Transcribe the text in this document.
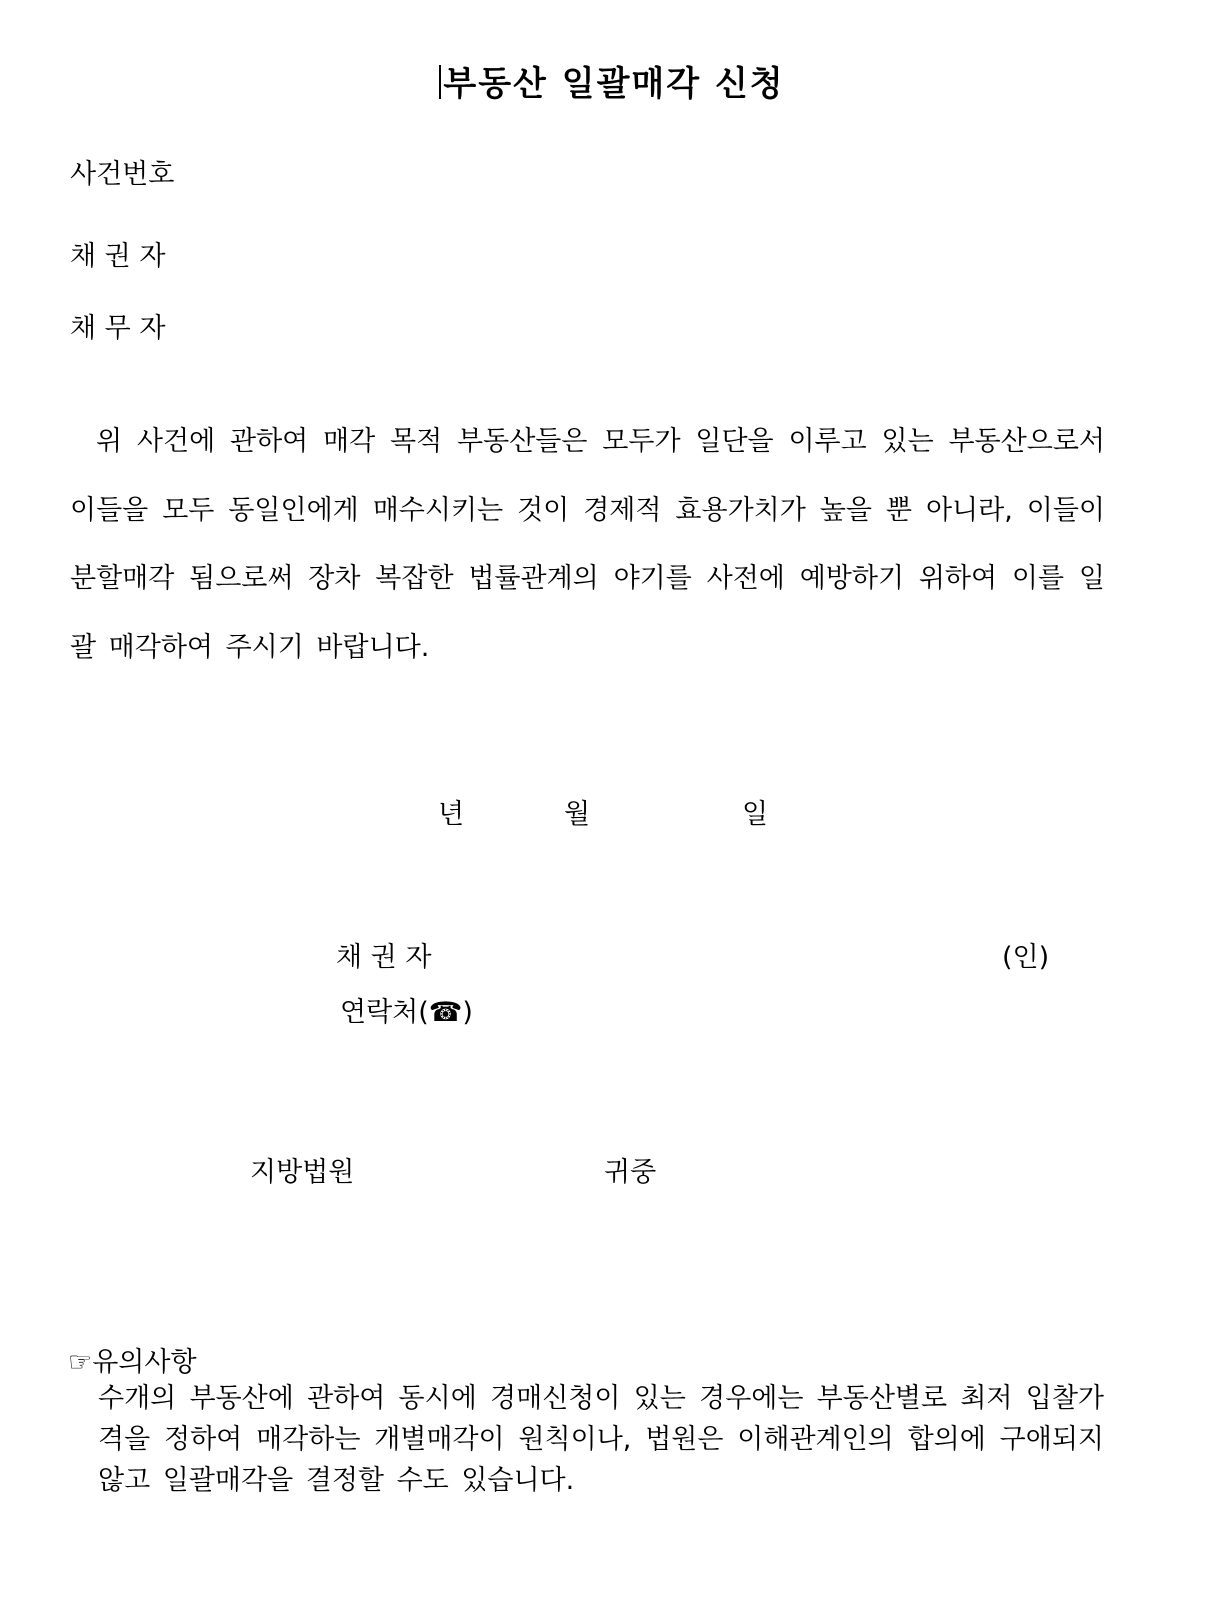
부동산 일괄매각 신청
사건번호
채 권 자
채 무 자
위 사건에 관하여 매각 목적 부동산들은 모두가 일단을 이루고 있는 부동산으로서 이들을 모두 동일인에게 매수시키는 것이 경제적 효용가치가 높을 뿐 아니라, 이들이 분할매각 됨으로써 장차 복잡한 법률관계의 야기를 사전에 예방하기 위하여 이를 일괄 매각하여 주시기 바랍니다.
년	월	일
채 권 자	(인)
연락처(☎)
지방법원	귀중
☞유의사항
수개의 부동산에 관하여 동시에 경매신청이 있는 경우에는 부동산별로 최저 입찰가격을 정하여 매각하는 개별매각이 원칙이나, 법원은 이해관계인의 합의에 구애되지 않고 일괄매각을 결정할 수도 있습니다.
